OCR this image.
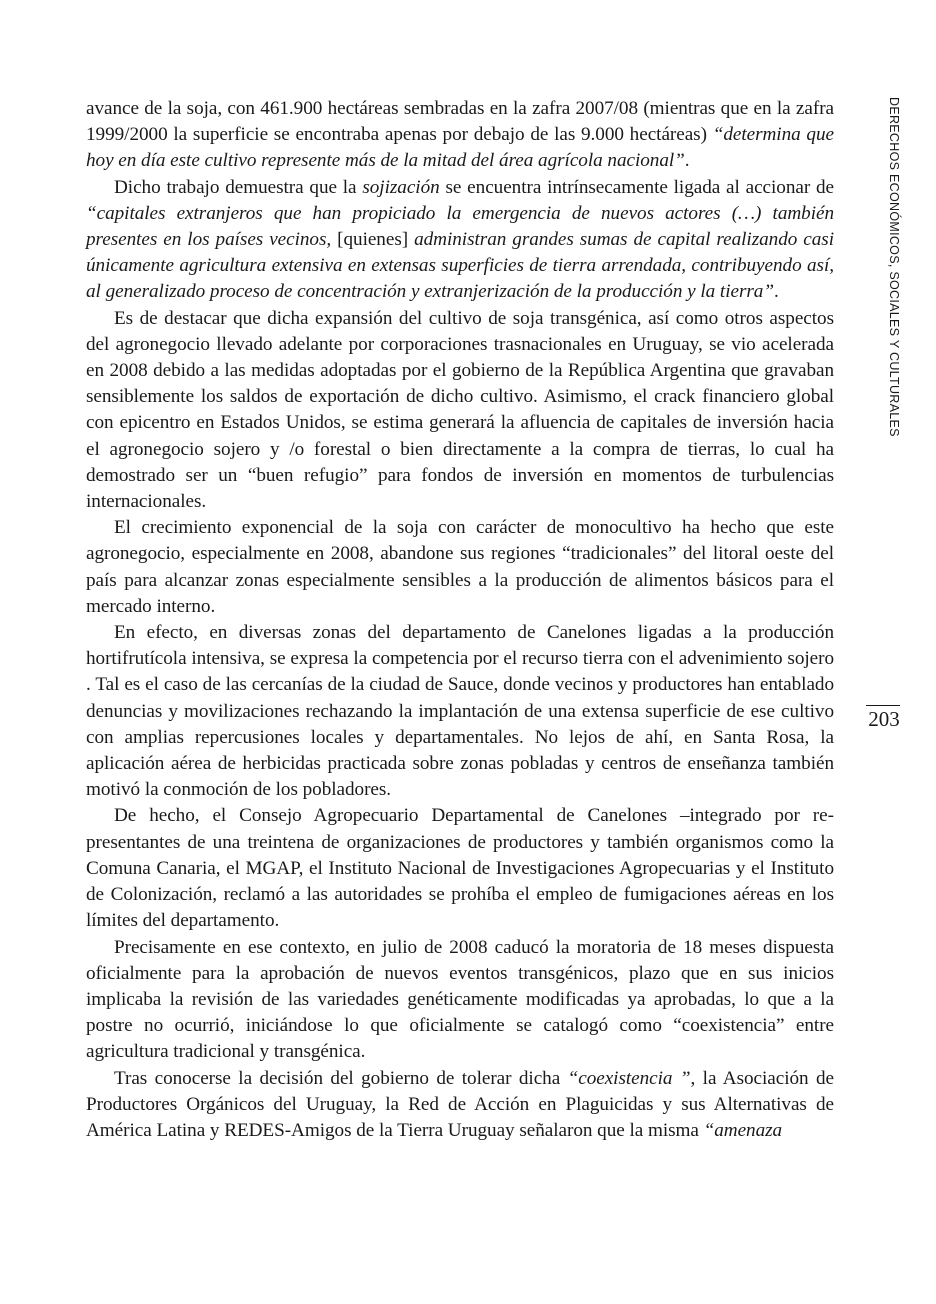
avance de la soja, con 461.900 hectáreas sembradas en la zafra 2007/08 (mientras que en la zafra 1999/2000 la superficie se encontraba apenas por debajo de las 9.000 hectáreas) “determina que hoy en día este cultivo represente más de la mitad del área agrícola nacional”.

Dicho trabajo demuestra que la sojización se encuentra intrínsecamente ligada al accionar de “capitales extranjeros que han propiciado la emergencia de nuevos actores (…) también presentes en los países vecinos, [quienes] administran grandes sumas de capital realizando casi únicamente agricultura extensiva en extensas superficies de tierra arrendada, contribuyendo así, al generalizado proceso de concentración y extranjerización de la producción y la tierra”.

Es de destacar que dicha expansión del cultivo de soja transgénica, así como otros aspectos del agronegocio llevado adelante por corporaciones trasnacionales en Uruguay, se vio acelerada en 2008 debido a las medidas adoptadas por el gobierno de la República Argentina que gravaban sensiblemente los saldos de exportación de dicho cultivo. Asimismo, el crack financiero global con epicentro en Estados Unidos, se estima generará la afluencia de capitales de inversión hacia el agronegocio sojero y /o forestal o bien directamente a la compra de tierras, lo cual ha demostrado ser un “buen refugio” para fondos de inversión en momentos de turbulencias internacionales.

El crecimiento exponencial de la soja con carácter de monocultivo ha hecho que este agronegocio, especialmente en 2008, abandone sus regiones “tradicionales” del litoral oeste del país para alcanzar zonas especialmente sensibles a la producción de alimentos básicos para el mercado interno.

En efecto, en diversas zonas del departamento de Canelones ligadas a la producción hortifrutícola intensiva, se expresa la competencia por el recurso tierra con el advenimiento sojero . Tal es el caso de las cercanías de la ciudad de Sauce, donde vecinos y productores han entablado denuncias y movilizaciones rechazando la implantación de una extensa superficie de ese cultivo con amplias repercusiones locales y departamentales. No lejos de ahí, en Santa Rosa, la aplicación aérea de herbicidas practicada sobre zonas pobladas y centros de enseñanza también motivó la conmoción de los pobladores.

De hecho, el Consejo Agropecuario Departamental de Canelones –integrado por representantes de una treintena de organizaciones de productores y también organismos como la Comuna Canaria, el MGAP, el Instituto Nacional de Investigaciones Agropecuarias y el Instituto de Colonización, reclamó a las autoridades se prohíba el empleo de fumigaciones aéreas en los límites del departamento.

Precisamente en ese contexto, en julio de 2008 caducó la moratoria de 18 meses dispuesta oficialmente para la aprobación de nuevos eventos transgénicos, plazo que en sus inicios implicaba la revisión de las variedades genéticamente modificadas ya aprobadas, lo que a la postre no ocurrió, iniciándose lo que oficialmente se catalogó como “coexistencia” entre agricultura tradicional y transgénica.

Tras conocerse la decisión del gobierno de tolerar dicha “coexistencia ”, la Asociación de Productores Orgánicos del Uruguay, la Red de Acción en Plaguicidas y sus Alternativas de América Latina y REDES-Amigos de la Tierra Uruguay señalaron que la misma “amenaza

DERECHOS ECONÓMICOS, SOCIALES Y CULTURALES
203
